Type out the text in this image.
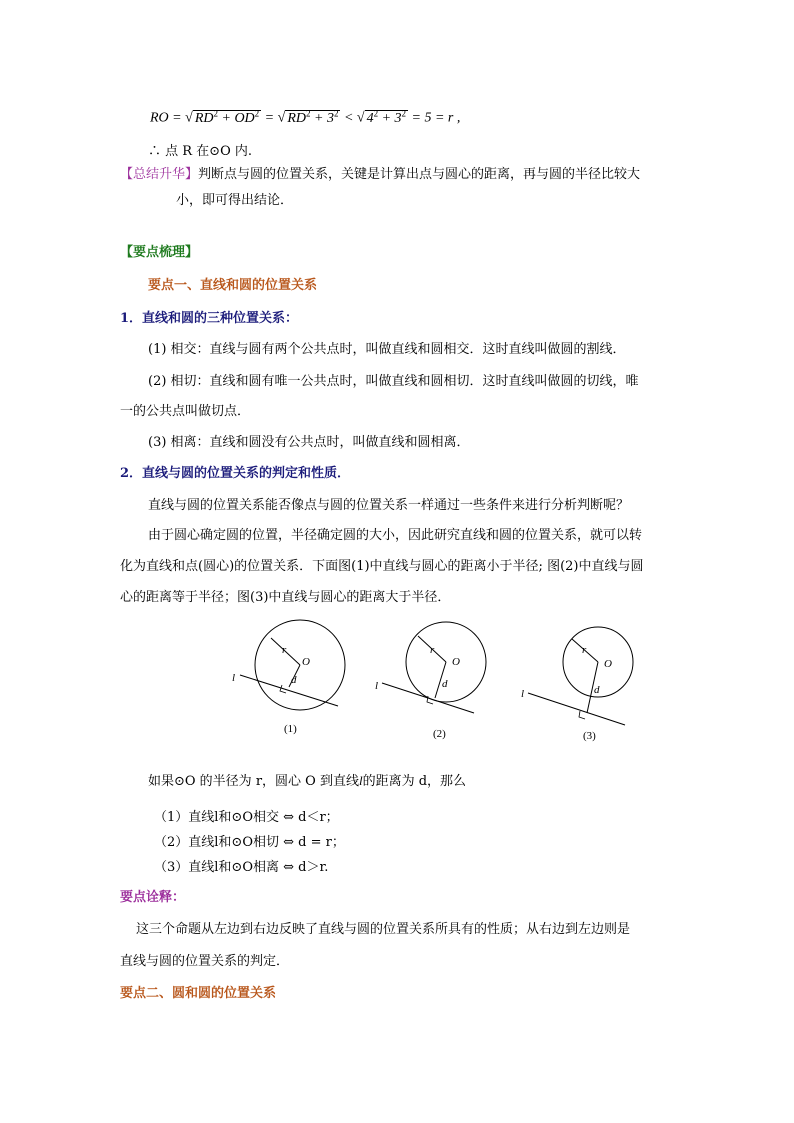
RO = √ $RD^2 + OD^2$ = √ $RD^2 + 3^2$ < √ $4^2 + 3^2 = 5 = r$ ,
∴ 点 R 在⊙O 内.
【总结升华】判断点与圆的位置关系，关键是计算出点与圆心的距离，再与圆的半径比较大
小，即可得出结论．
【要点梳理】
要点一、直线和圆的位置关系
1．直线和圆的三种位置关系：
(1) 相交：直线与圆有两个公共点时，叫做直线和圆相交．这时直线叫做圆的割线．
(2) 相切：直线和圆有唯一公共点时，叫做直线和圆相切．这时直线叫做圆的切线，唯
一的公共点叫做切点．
(3) 相离：直线和圆没有公共点时，叫做直线和圆相离．
2．直线与圆的位置关系的判定和性质．
直线与圆的位置关系能否像点与圆的位置关系一样通过一些条件来进行分析判断呢？
由于圆心确定圆的位置，半径确定圆的大小，因此研究直线和圆的位置关系，就可以转
化为直线和点(圆心)的位置关系．下面图(1)中直线与圆心的距离小于半径; 图(2)中直线与圆
心的距离等于半径；图(3)中直线与圆心的距离大于半径．
r
O
d
l
(1)
r
O
d
l
(2)
r
O
d
l
(3)
如果⊙O 的半径为 r，圆心 O 到直线l的距离为 d，那么
（1）直线l和⊙O相交 ⇔ d＜r；
（2）直线l和⊙O相切 ⇔ d = r；
（3）直线l和⊙O相离 ⇔ d＞r.
要点诠释：
这三个命题从左边到右边反映了直线与圆的位置关系所具有的性质；从右边到左边则是
直线与圆的位置关系的判定．
要点二、圆和圆的位置关系
